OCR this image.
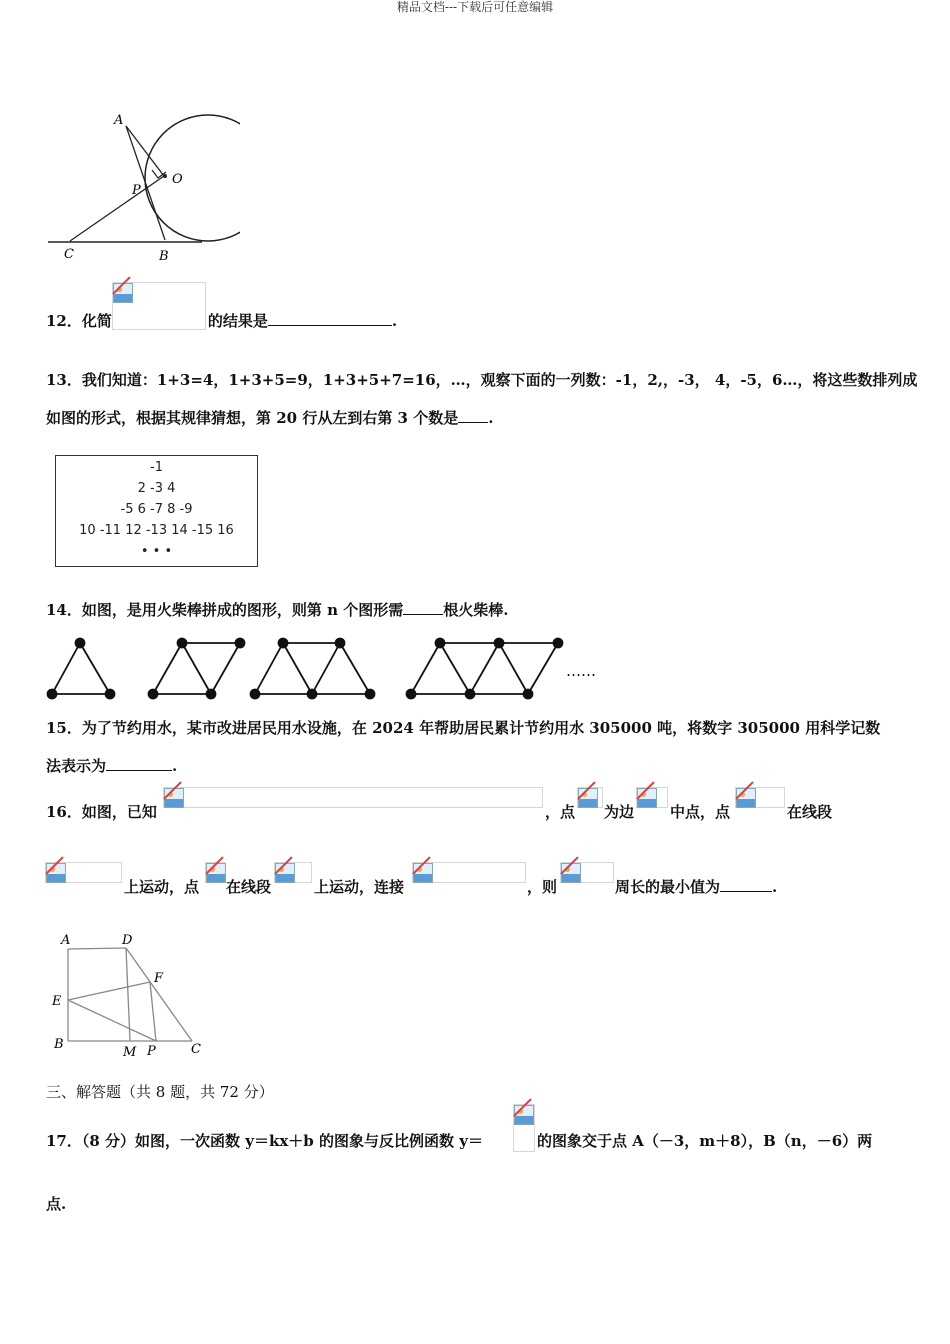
精品文档---下载后可任意编辑
A
O
P
C	B
12．化简	的结果是	.
13．我们知道：1+3=4，1+3+5=9，1+3+5+7=16，…，观察下面的一列数：-1，2,，-3， 4，-5，6…，将这些数排列成
如图的形式，根据其规律猜想，第 20 行从左到右第 3 个数是 .
-1
2 -3 4
-5 6 -7 8 -9
10 -11 12 -13 14 -15 16
• • •
14．如图，是用火柴棒拼成的图形，则第 n 个图形需	根火柴棒.
……
15．为了节约用水，某市改进居民用水设施，在 2024 年帮助居民累计节约用水 305000 吨，将数字 305000 用科学记数
法表示为	.
16．如图，已知	，点 为边 中点，点	在线段
上运动，点 在线段	上运动，连接	，则	周长的最小值为	.
A	D
F
E
B
M P	C
三、解答题（共 8 题，共 72 分）
17．（8 分）如图，一次函数 y＝kx＋b 的图象与反比例函数 y＝	的图象交于点 A（－3，m＋8），B（n，－6）两
点.
